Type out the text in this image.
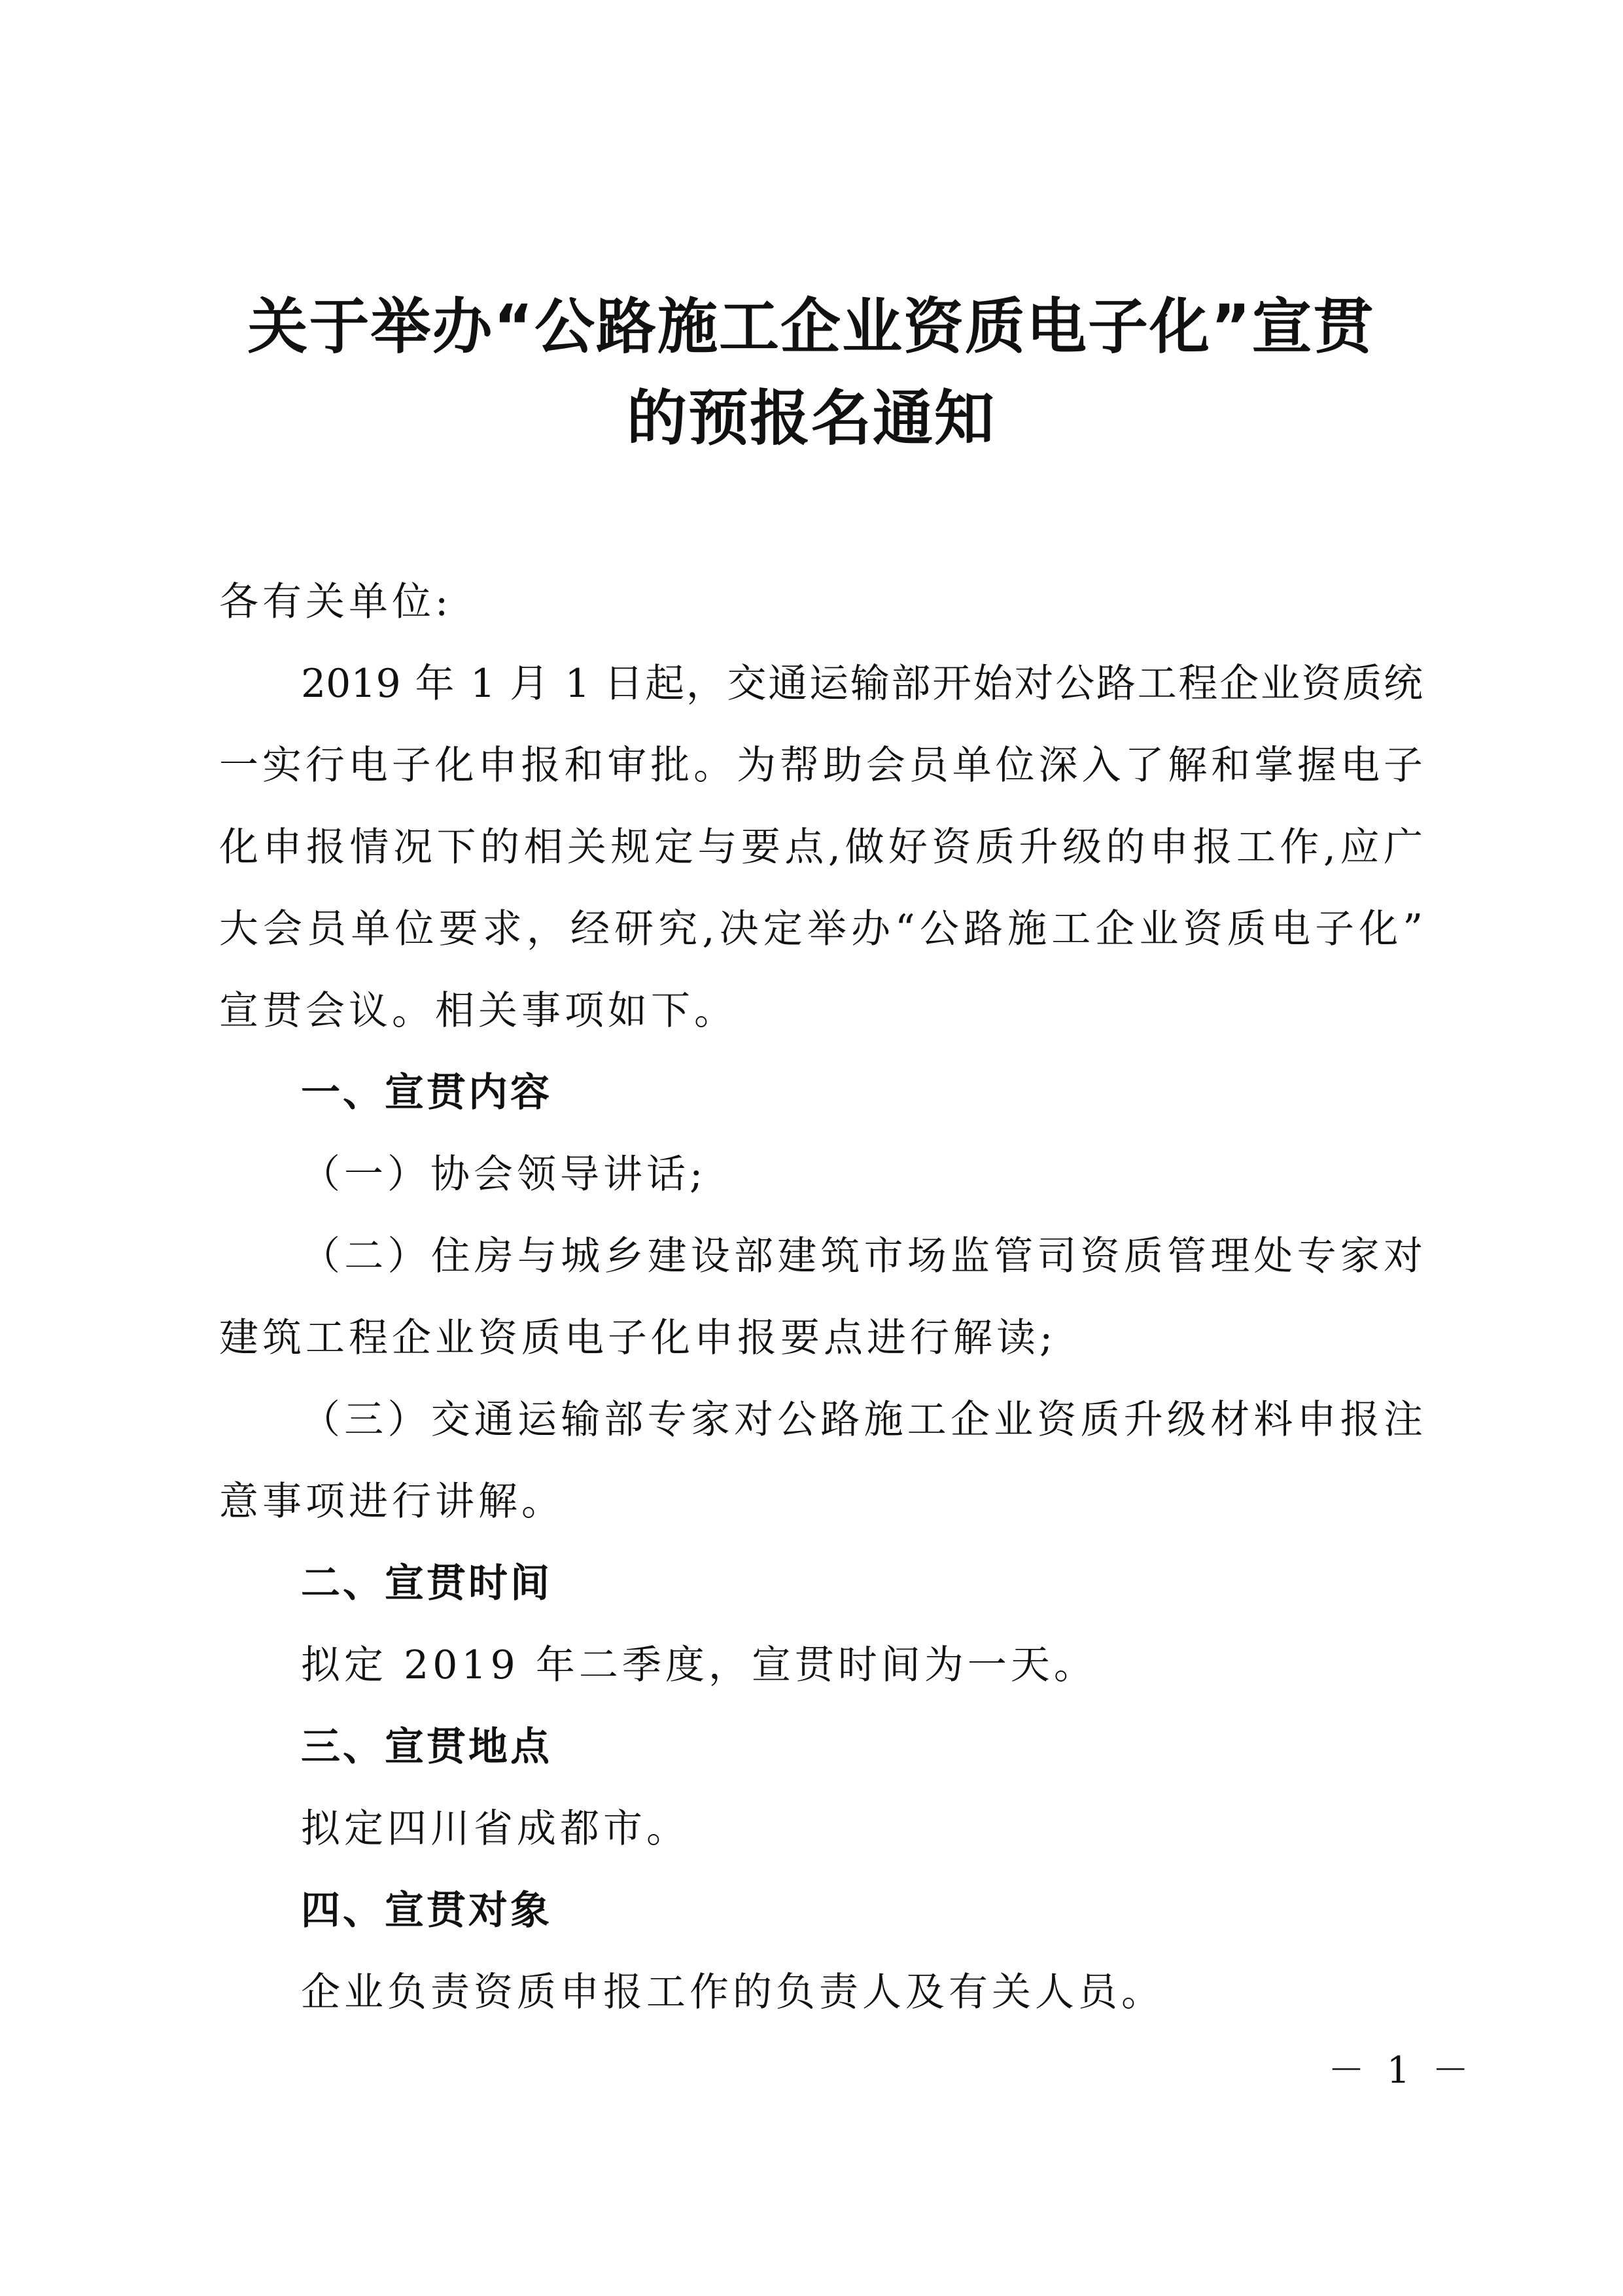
关于举办“公路施工企业资质电子化”宣贯
的预报名通知
各有关单位:
2019 年 1 月 1 日起，交通运输部开始对公路工程企业资质统
一实行电子化申报和审批。为帮助会员单位深入了解和掌握电子
化申报情况下的相关规定与要点,做好资质升级的申报工作,应广
大会员单位要求，经研究,决定举办“公路施工企业资质电子化”
宣贯会议。相关事项如下。
一、宣贯内容
（一）协会领导讲话;
（二）住房与城乡建设部建筑市场监管司资质管理处专家对
建筑工程企业资质电子化申报要点进行解读;
（三）交通运输部专家对公路施工企业资质升级材料申报注
意事项进行讲解。
二、宣贯时间
拟定 2019 年二季度，宣贯时间为一天。
三、宣贯地点
拟定四川省成都市。
四、宣贯对象
企业负责资质申报工作的负责人及有关人员。
－ 1 －
